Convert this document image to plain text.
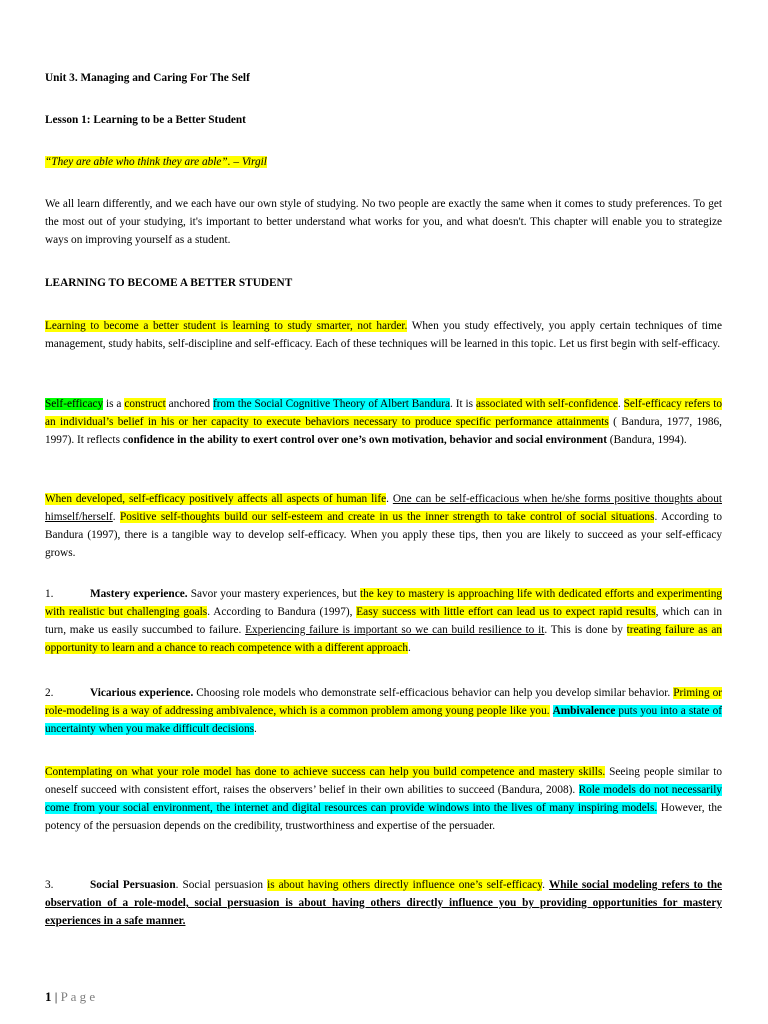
Unit 3. Managing and Caring For The Self

Lesson 1: Learning to be a Better Student

“They are able who think they are able”. – Virgil

We all learn differently, and we each have our own style of studying. No two people are exactly the same when it comes to study preferences. To get the most out of your studying, it's important to better understand what works for you, and what doesn't. This chapter will enable you to strategize ways on improving yourself as a student.

LEARNING TO BECOME A BETTER STUDENT

Learning to become a better student is learning to study smarter, not harder. When you study effectively, you apply certain techniques of time management, study habits, self-discipline and self-efficacy. Each of these techniques will be learned in this topic. Let us first begin with self-efficacy.

Self-efficacy is a construct anchored from the Social Cognitive Theory of Albert Bandura. It is associated with self-confidence. Self-efficacy refers to an individual’s belief in his or her capacity to execute behaviors necessary to produce specific performance attainments ( Bandura, 1977, 1986, 1997). It reflects confidence in the ability to exert control over one’s own motivation, behavior and social environment (Bandura, 1994).

When developed, self-efficacy positively affects all aspects of human life. One can be self-efficacious when he/she forms positive thoughts about himself/herself. Positive self-thoughts build our self-esteem and create in us the inner strength to take control of social situations. According to Bandura (1997), there is a tangible way to develop self-efficacy. When you apply these tips, then you are likely to succeed as your self-efficacy grows.

1.	Mastery experience. Savor your mastery experiences, but the key to mastery is approaching life with dedicated efforts and experimenting with realistic but challenging goals. According to Bandura (1997), Easy success with little effort can lead us to expect rapid results, which can in turn, make us easily succumbed to failure. Experiencing failure is important so we can build resilience to it. This is done by treating failure as an opportunity to learn and a chance to reach competence with a different approach.

2.	Vicarious experience. Choosing role models who demonstrate self-efficacious behavior can help you develop similar behavior. Priming or role-modeling is a way of addressing ambivalence, which is a common problem among young people like you. Ambivalence puts you into a state of uncertainty when you make difficult decisions.

Contemplating on what your role model has done to achieve success can help you build competence and mastery skills. Seeing people similar to oneself succeed with consistent effort, raises the observers’ belief in their own abilities to succeed (Bandura, 2008). Role models do not necessarily come from your social environment, the internet and digital resources can provide windows into the lives of many inspiring models. However, the potency of the persuasion depends on the credibility, trustworthiness and expertise of the persuader.

3.	Social Persuasion. Social persuasion is about having others directly influence one’s self-efficacy. While social modeling refers to the observation of a role-model, social persuasion is about having others directly influence you by providing opportunities for mastery experiences in a safe manner.

1 | P a g e
